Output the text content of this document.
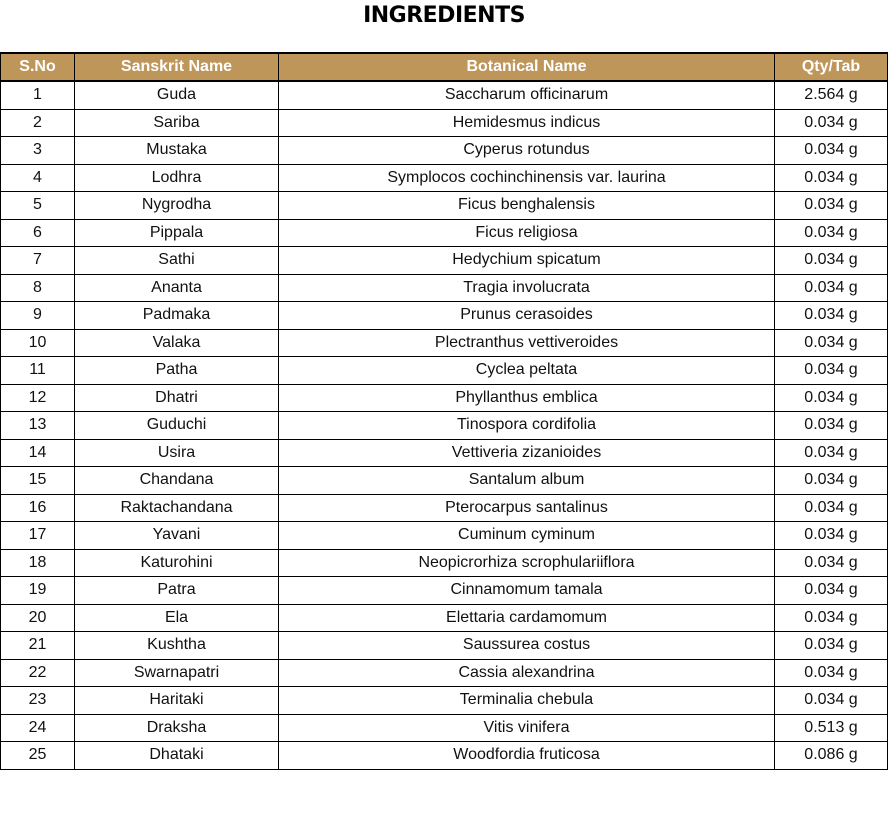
INGREDIENTS
S.No	Sanskrit Name	Botanical Name	Qty/Tab
1	Guda	Saccharum officinarum	2.564 g
2	Sariba	Hemidesmus indicus	0.034 g
3	Mustaka	Cyperus rotundus	0.034 g
4	Lodhra	Symplocos cochinchinensis var. laurina	0.034 g
5	Nygrodha	Ficus benghalensis	0.034 g
6	Pippala	Ficus religiosa	0.034 g
7	Sathi	Hedychium spicatum	0.034 g
8	Ananta	Tragia involucrata	0.034 g
9	Padmaka	Prunus cerasoides	0.034 g
10	Valaka	Plectranthus vettiveroides	0.034 g
11	Patha	Cyclea peltata	0.034 g
12	Dhatri	Phyllanthus emblica	0.034 g
13	Guduchi	Tinospora cordifolia	0.034 g
14	Usira	Vettiveria zizanioides	0.034 g
15	Chandana	Santalum album	0.034 g
16	Raktachandana	Pterocarpus santalinus	0.034 g
17	Yavani	Cuminum cyminum	0.034 g
18	Katurohini	Neopicrorhiza scrophulariiflora	0.034 g
19	Patra	Cinnamomum tamala	0.034 g
20	Ela	Elettaria cardamomum	0.034 g
21	Kushtha	Saussurea costus	0.034 g
22	Swarnapatri	Cassia alexandrina	0.034 g
23	Haritaki	Terminalia chebula	0.034 g
24	Draksha	Vitis vinifera	0.513 g
25	Dhataki	Woodfordia fruticosa	0.086 g
